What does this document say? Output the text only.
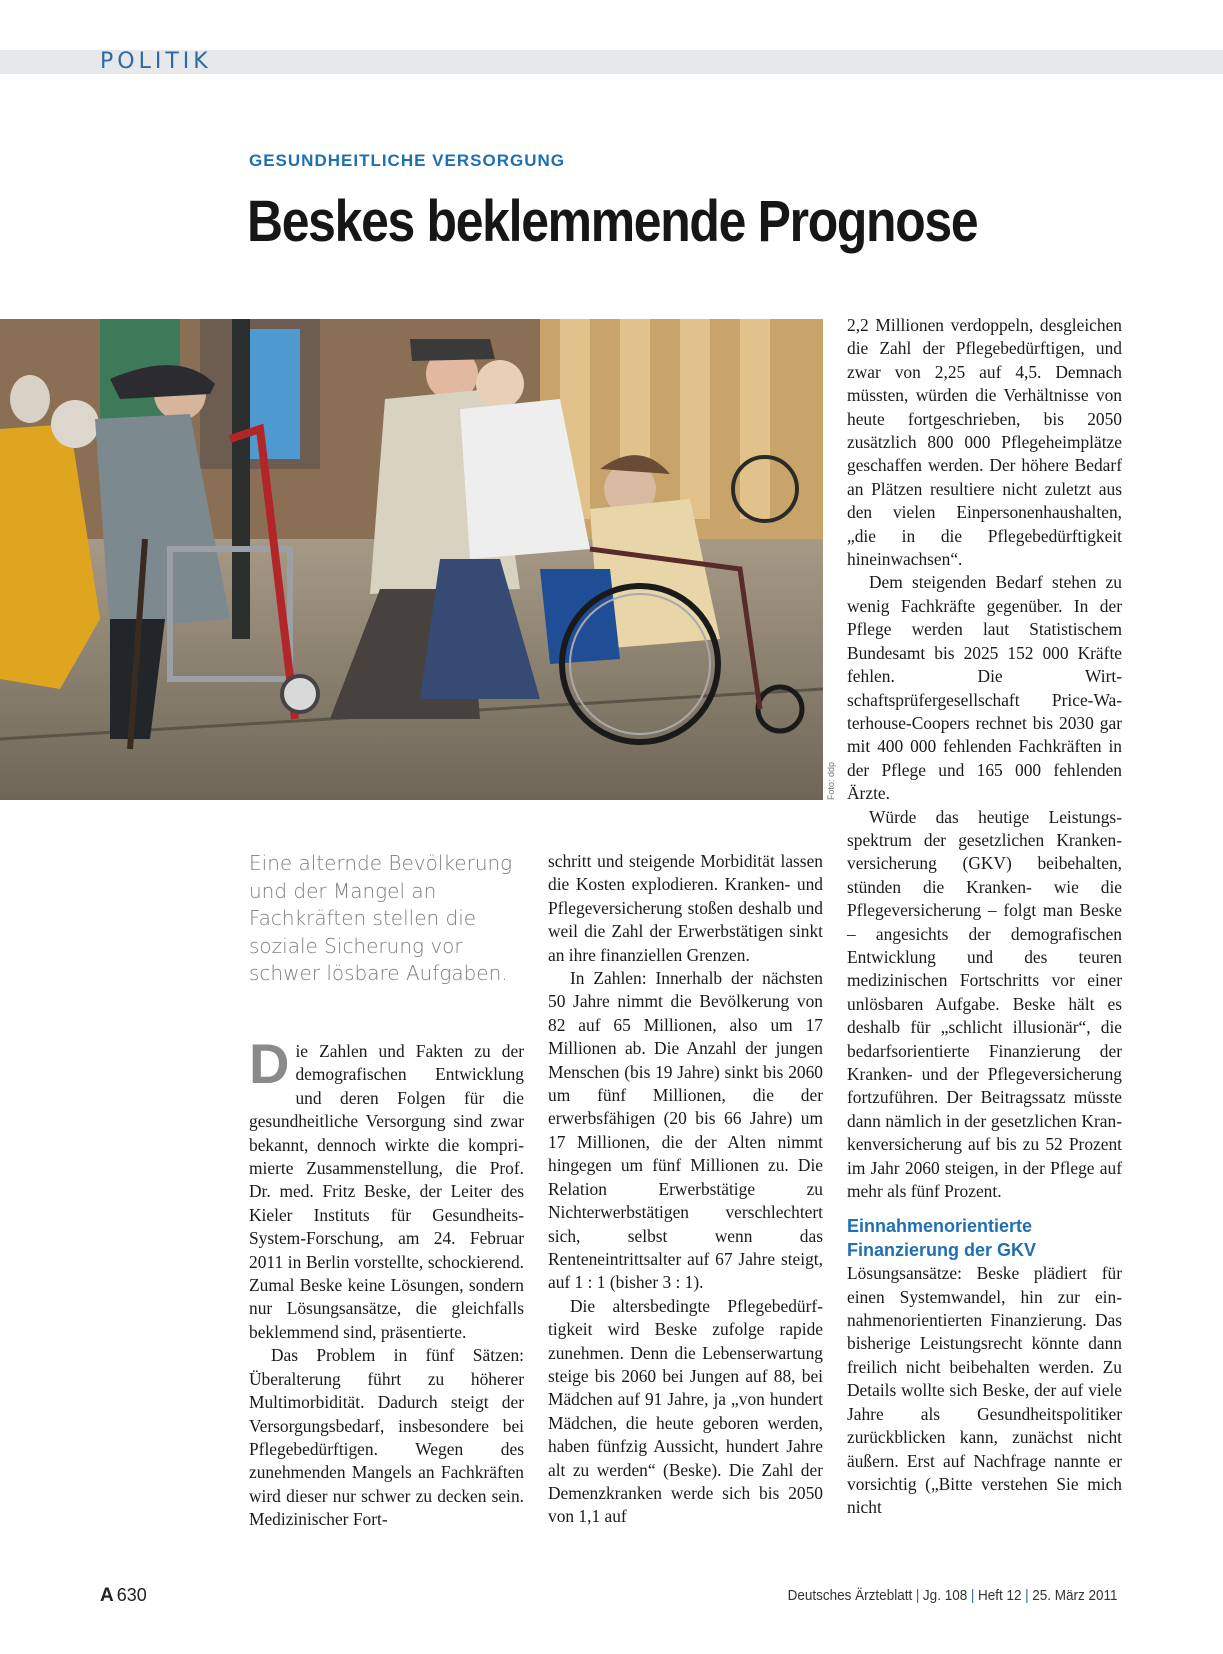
POLITIK
GESUNDHEITLICHE VERSORGUNG
Beskes beklemmende Prognose
Foto: ddp
Eine alternde Bevölkerung und der Mangel an Fachkräften stellen die soziale Sicherung vor schwer lösbare Aufgaben.

Die Zahlen und Fakten zu der demografischen Entwicklung und deren Folgen für die gesundheitliche Versorgung sind zwar bekannt, dennoch wirkte die komprimierte Zusammenstellung, die Prof. Dr. med. Fritz Beske, der Leiter des Kieler Instituts für Gesundheits-System-Forschung, am 24. Februar 2011 in Berlin vorstellte, schockierend. Zumal Beske keine Lösungen, sondern nur Lösungsansätze, die gleichfalls beklemmend sind, präsentierte.

Das Problem in fünf Sätzen: Überalterung führt zu höherer Multimorbidität. Dadurch steigt der Versorgungsbedarf, insbesondere bei Pflegebedürftigen. Wegen des zunehmenden Mangels an Fachkräften wird dieser nur schwer zu decken sein. Medizinischer Fort-

schritt und steigende Morbidität lassen die Kosten explodieren. Kranken- und Pflegeversicherung stoßen deshalb und weil die Zahl der Erwerbstätigen sinkt an ihre finanziellen Grenzen.

In Zahlen: Innerhalb der nächsten 50 Jahre nimmt die Bevölkerung von 82 auf 65 Millionen, also um 17 Millionen ab. Die Anzahl der jungen Menschen (bis 19 Jahre) sinkt bis 2060 um fünf Millionen, die der erwerbsfähigen (20 bis 66 Jahre) um 17 Millionen, die der Alten nimmt hingegen um fünf Millionen zu. Die Relation Erwerbstätige zu Nichterwerbstätigen verschlechtert sich, selbst wenn das Renteneintrittsalter auf 67 Jahre steigt, auf 1 : 1 (bisher 3 : 1).

Die altersbedingte Pflegebedürftigkeit wird Beske zufolge rapide zunehmen. Denn die Lebenserwartung steige bis 2060 bei Jungen auf 88, bei Mädchen auf 91 Jahre, ja „von hundert Mädchen, die heute geboren werden, haben fünfzig Aussicht, hundert Jahre alt zu werden“ (Beske). Die Zahl der Demenzkranken werde sich bis 2050 von 1,1 auf

2,2 Millionen verdoppeln, desgleichen die Zahl der Pflegebedürftigen, und zwar von 2,25 auf 4,5. Demnach müssten, würden die Verhältnisse von heute fortgeschrieben, bis 2050 zusätzlich 800 000 Pflegeheimplätze geschaffen werden. Der höhere Bedarf an Plätzen resultiere nicht zuletzt aus den vielen Einpersonenhaushalten, „die in die Pflegebedürftigkeit hineinwachsen“.

Dem steigenden Bedarf stehen zu wenig Fachkräfte gegenüber. In der Pflege werden laut Statistischem Bundesamt bis 2025 152 000 Kräfte fehlen. Die Wirtschaftsprüfergesellschaft Price-Waterhouse-Coopers rechnet bis 2030 gar mit 400 000 fehlenden Fachkräften in der Pflege und 165 000 fehlenden Ärzte.

Würde das heutige Leistungsspektrum der gesetzlichen Krankenversicherung (GKV) beibehalten, stünden die Kranken- wie die Pflegeversicherung – folgt man Beske – angesichts der demografischen Entwicklung und des teuren medizinischen Fortschritts vor einer unlösbaren Aufgabe. Beske hält es deshalb für „schlicht illusionär“, die bedarfsorientierte Finanzierung der Kranken- und der Pflegeversicherung fortzuführen. Der Beitragssatz müsste dann nämlich in der gesetzlichen Krankenversicherung auf bis zu 52 Prozent im Jahr 2060 steigen, in der Pflege auf mehr als fünf Prozent.

Einnahmenorientierte Finanzierung der GKV

Lösungsansätze: Beske plädiert für einen Systemwandel, hin zur einnahmenorientierten Finanzierung. Das bisherige Leistungsrecht könnte dann freilich nicht beibehalten werden. Zu Details wollte sich Beske, der auf viele Jahre als Gesundheitspolitiker zurückblicken kann, zunächst nicht äußern. Erst auf Nachfrage nannte er vorsichtig („Bitte verstehen Sie mich nicht

A 630	Deutsches Ärzteblatt | Jg. 108 | Heft 12 | 25. März 2011
